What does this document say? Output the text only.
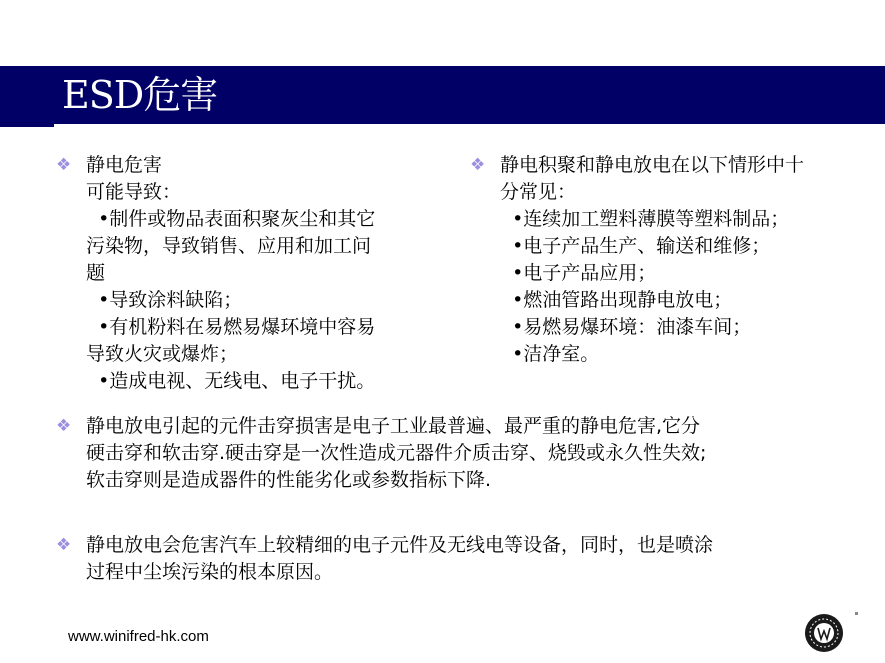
ESD危害
❖ 静电危害
可能导致：
•制件或物品表面积聚灰尘和其它
污染物，导致销售、应用和加工问
题
•导致涂料缺陷；
•有机粉料在易燃易爆环境中容易
导致火灾或爆炸；
•造成电视、无线电、电子干扰。
❖ 静电积聚和静电放电在以下情形中十
分常见：
•连续加工塑料薄膜等塑料制品；
•电子产品生产、输送和维修；
•电子产品应用；
•燃油管路出现静电放电；
•易燃易爆环境：油漆车间；
•洁净室。
❖ 静电放电引起的元件击穿损害是电子工业最普遍、最严重的静电危害,它分
硬击穿和软击穿.硬击穿是一次性造成元器件介质击穿、烧毁或永久性失效;
软击穿则是造成器件的性能劣化或参数指标下降.
❖ 静电放电会危害汽车上较精细的电子元件及无线电等设备，同时，也是喷涂
过程中尘埃污染的根本原因。
www.winifred-hk.com
